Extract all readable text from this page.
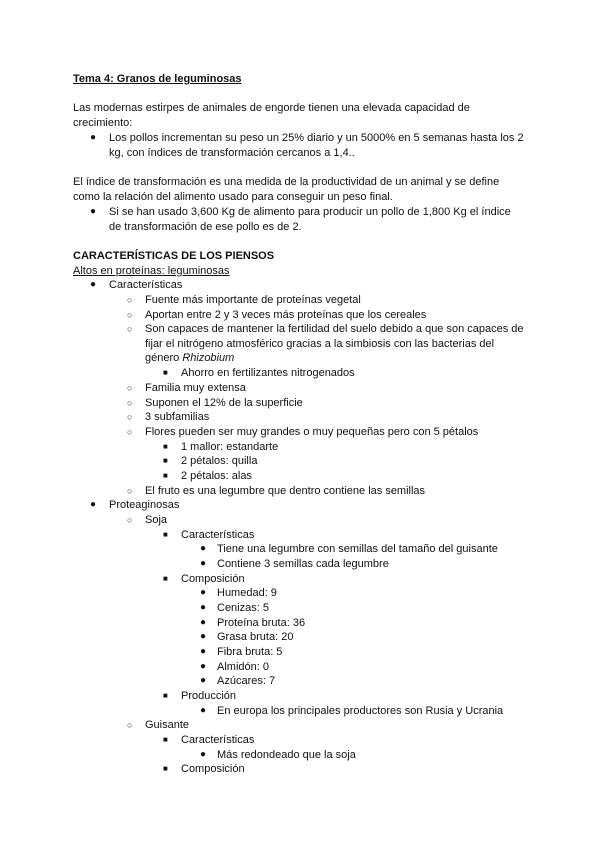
Tema 4: Granos de leguminosas
Las modernas estirpes de animales de engorde tienen una elevada capacidad de
crecimiento:
● Los pollos incrementan su peso un 25% diario y un 5000% en 5 semanas hasta los 2
kg, con índices de transformación cercanos a 1,4..
El índice de transformación es una medida de la productividad de un animal y se define
como la relación del alimento usado para conseguir un peso final.
● Si se han usado 3,600 Kg de alimento para producir un pollo de 1,800 Kg el índice
de transformación de ese pollo es de 2.
CARACTERÍSTICAS DE LOS PIENSOS
Altos en proteínas: leguminosas
● Características
○ Fuente más importante de proteínas vegetal
○ Aportan entre 2 y 3 veces más proteínas que los cereales
○ Son capaces de mantener la fertilidad del suelo debido a que son capaces de
fijar el nitrógeno atmosférico gracias a la simbiosis con las bacterias del
género Rhizobium
■ Ahorro en fertilizantes nitrogenados
○ Familia muy extensa
○ Suponen el 12% de la superficie
○ 3 subfamilias
○ Flores pueden ser muy grandes o muy pequeñas pero con 5 pétalos
■ 1 mallor: estandarte
■ 2 pétalos: quilla
■ 2 pétalos: alas
○ El fruto es una legumbre que dentro contiene las semillas
● Proteaginosas
○ Soja
■ Características
● Tiene una legumbre con semillas del tamaño del guisante
● Contiene 3 semillas cada legumbre
■ Composición
● Humedad: 9
● Cenizas: 5
● Proteína bruta: 36
● Grasa bruta: 20
● Fibra bruta: 5
● Almidón: 0
● Azúcares: 7
■ Producción
● En europa los principales productores son Rusia y Ucrania
○ Guisante
■ Características
● Más redondeado que la soja
■ Composición
